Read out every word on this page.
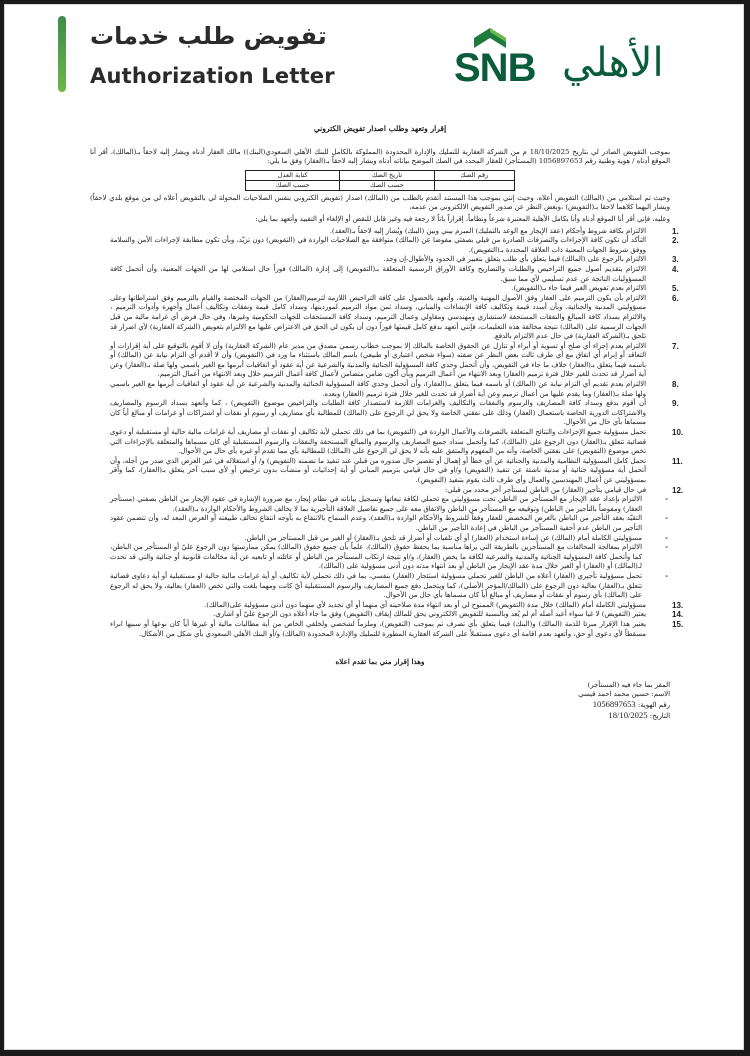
تفويض طلب خدمات
Authorization Letter	SNB الأهلي
إقرار وتعهد وطلب اصدار تفويض الكتروني

بموجب التفويض الصادر لي بتاريخ 18/10/2025 م من الشركة العقارية للتمليك والإدارة المحدودة (المملوكة بالكامل للبنك الأهلي السعودي(البنك)) مالك العقار أدناه ويشار إليه لاحقاً بـ(المالك)، أقر أنا الموقع أدناه / هوية وطنية رقم 1056897653 (المستأجر) للعقار المحدد في الصك الموضح بياناته أدناه ويشار إليه لاحقاً بـ(العقار) وفق ما يلي:

رقم الصك	تاريخ الصك	كتابة العدل
	حسب الصك	حسب الصك

وحيث تم استلامي من (المالك) التفويض أعلاه، وحيث إنني بموجب هذا المستند أتقدم بالطلب من (المالك) اصدار (تفويض الكتروني بنفس الصلاحيات المحولة لي بالتفويض أعلاه لي من موقع بلدي لاحقاً) ويشار اليهما كلاهما لاحقا بـ(التفويض) ،وبغض النظر عن صدور التفويض الالكتروني من عدمه،

وعليه، فإني أقر أنا الموقع أدناه وأنا بكامل الأهلية المعتبرة شرعاً ونظاماً، إقراراً باتاً لا رجعة فيه وغير قابل للنقض أو الإلغاء أو التقييد وأتعهد بما يلي:

1.
الالتزام بكافة شروط وأحكام (عقد الإيجار مع الوعد بالتمليك) المبرم بيني وبين (البنك) ويُشار إليه لاحقاً بـ(العقد).
2.
التأكد أن تكون كافة الإجراءات والتصرفات الصادرة من قبلي بصفتي مفوضا عن (المالك) متوافقة مع الصلاحيات الواردة في (التفويض) دون تزيّد، وبأن تكون مطابقة لإجراءات الأمن والسلامة ووفق شروط الجهات المعنية ذات العلاقة المحددة بـ(التفويض).
3.
الالتزام بالرجوع على (المالك) فيما يتعلق بأي طلب يتعلق بتغيير في الحدود والأطوال-إن وجد.
4.
الالتزام بتقديم أصول جميع التراخيص والطلبات والتصاريح وكافة الأوراق الرسمية المتعلقة بـ(التفويض) إلى إدارة (المالك) فوراً حال استلامي لها من الجهات المعنية، وأن أتحمل كافة المسؤوليات الناتجة عن عدم تسليمي لأي مما سبق.
5.
الالتزام بعدم تفويض الغير فيما جاء بـ(التفويض).
6.
الالتزام بأن يكون الترميم على العقار وفق الأصول المهنية والفنية، وأتعهد بالحصول على كافة التراخيص اللازمة لترميم(العقار) من الجهات المختصة والقيام بالترميم وفق اشتراطاتها وعلى مسؤوليتي المدنية والجنائية، وبأن أسدد قيمة وتكاليف كافة الإنشاءات والمباني، وسداد ثمن مواد الترميم لموردينها، وسداد كامل قيمة ونفقات وتكاليف أعمال وأجهزة وأدوات الترميم ، والالتزام بسداد كافة المبالغ والنفقات المستحقة لاستشاري ومهندسي ومقاولي وعمال الترميم، وسداد كافة المستحقات للجهات الحكومية وغيرها، وفي حال فرض أي غرامة مالية من قبل الجهات الرسمية على (المالك) نتيجة مخالفة هذه التعليمات، فإنني أتعهد بدفع كامل قيمتها فوراً دون أن يكون لي الحق في الاعتراض عليها مع الالتزام بتعويض (الشركة العقارية) لأي اضرار قد تلحق بـ(الشركة العقارية) في حال عدم الالتزام بالدفع.
7.
الالتزام بعدم إجراء أي صلح أو تسوية أو أبراء أو تنازل عن الحقوق الخاصة بالمالك إلا بموجب خطاب رسمي مصدق من مدير عام (الشركة العقارية) وأن لا أقوم بالتوقيع على أية إقرارات أو التعاقد أو إبرام أي اتفاق مع أي طرف ثالث بغض النظر عن صفته (سواء شخص اعتباري أو طبيعي) باسم المالك باستثناء ما ورد في (التفويض) وأن لا أقدم أي التزام نيابة عن (المالك) أو باسمه فيما يتعلق بـ(العقار) خلاف ما جاء في التفويض، وأن أتحمل وحدي كافة المسؤولية الجنائية والمدنية والشرعية عن أية عقود أو اتفاقيات أبرمها مع الغير باسمي ولها صلة بـ(العقار) وعن أية أضرار قد تحدث للغير خلال فترة ترميم (العقار) وبعد الانتهاء من أعمال الترميم وبأن أكون ضامن متضامن لأعمال كافة أعمال الترميم خلال وبعد الانتهاء من أعمال الترميم.
8.
الالتزام بعدم تقديم أي التزام نيابة عن (المالك) أو باسمه فيما يتعلق بـ(العقار)، وأن أتحمل وحدي كافة المسؤولية الجنائية والمدنية والشرعية عن أية عقود أو اتفاقيات أبرمها مع الغير باسمي ولها صلة بـ(العقار) وما يقدم عليها من أعمال ترميم وعن أية أضرار قد تحدث للغير خلال فترة ترميم (العقار) وبعده.
9.
أن أقوم بدفع وسداد كافة المصاريف والرسوم والنفقات والتكاليف والغرامات اللازمة لاستصدار كافة الطلبات والتراخيص موضوع (التفويض) ، كما وأتعهد بسداد الرسوم والمصاريف والاشتراكات الدورية الخاصة باستعمال (العقار) وذلك على نفقتي الخاصة ولا يحق لي الرجوع على (المالك) للمطالبة بأي مصاريف أو رسوم أو نفقات أو اشتراكات أو غرامات أو مبالغ أياً كان مسماها بأي حال من الأحوال.
10.
تحمل مسؤولية جميع الإجراءات والنتائج المتعلقة بالتصرفات والأعمال الواردة في (التفويض) بما في ذلك تحملي لأية تكاليف أو نفقات أو مصاريف أية غرامات مالية حالية أو مستقبلية أو دعوى قضائية تتعلق بـ(العقار) دون الرجوع على (المالك)، كما وأتحمل سداد جميع المصاريف والرسوم والمبالغ المستحقة والنفقات والرسوم المستقبلية أي كان مسماها والمتعلقة بالإجراءات التي تخص موضوع (التفويض) على نفقتي الخاصة، وأنه من المفهوم والمتفق عليه بأنه لا يحق لي الرجوع على (المالك) للمطالبة بأي مما تقدم أو غيره بأي حال من الأحوال.
11.
تحمل كامل المسؤولية النظامية والمدنية والجنائية عن أي خطأ أو إهمال أو تقصير حال صدوره من قبلي عند تنفيذ ما تضمنه (التفويض) و/ أو استغلاله في غير الغرض الذي صدر من أجله، وأن أتحمل أية مسؤولية جنائية أو مدنية ناشئة عن تنفيذ (التفويض) و/او في حال قيامي بترميم المباني أو أية إحداثيات أو منشآت بدون ترخيص أو لأي سبب آخر يتعلق بـ(العقار)، كما وأقر بمسؤوليتي عن أعمال المهندسين والعمال وأي طرف ثالث يقوم بتنفيذ (التفويض).
12.
في حال قيامي بتأجير (العقار) من الباطن لمستأجر آخر محدد من قبلي:
-
الالتزام بإعداد عقد الإيجار مع المستأجر من الباطن تحت مسؤوليتي مع تحملي لكافة تبعاتها وتسجيل بياناته في نظام إيجار، مع ضرورة الإشارة في عقود الإيجار من الباطن بصفتي (مستأجر العقار) ومفوضاً بالتأجير من الباطن) وتوقيعه مع المستأجر من الباطن والاتفاق معه على جميع تفاصيل العلاقة التأجيرية بما لا يخالف الشروط والأحكام الواردة بـ(العقد).
-
التقيّد بعقد التأجير من الباطن بالغرض المخصص للعقار وفقاً للشروط والأحكام الواردة بـ(العقد)، وعدم السماح بالانتفاع به بأوجه انتفاع تخالف طبيعته أو الغرض المعد له، وأن تتضمن عقود التأجير من الباطن عدم أحقية المستأجر من الباطن في إعادة التأجير من الباطن.
-
مسؤوليتي الكاملة أمام (المالك) عن إساءة استخدام (العقار) أو أي تلفيات أو أضرار قد تلحق بـ(العقار) أو الغير من قبل المستأجر من الباطن.
-
الالتزام بمعالجة المخالفات مع المستأجرين بالطريقة التي يراها مناسبة بما يحفظ حقوق (المالك)، علماً بأن جميع حقوق (المالك) يمكن ممارستها دون الرجوع عليّ أو المستأجر من الباطن، كما وأتحمل كافة المسؤولية الجنائية والمدنية والشرعية لكافة ما يخص (العقار)، و/او نتيجة ارتكاب المستأجر من الباطن أو عائلته أو تابعيه عن أية مخالفات قانونية أو جنائية والتي قد تحدث لـ(المالك) أو (العقار) أو الغير خلال مدة عقد الإيجار من الباطن أو بعد انتهاء مدته دون أدنى مسؤولية على (المالك).
-
تحمل مسؤولية تأجيري (العقار) أعلاه من الباطن للغير تحملي مسؤولية استئجار (العقار) بنفسي، بما في ذلك تحملي لأية تكاليف أو أية غرامات مالية حالية او مستقبلية أو أية دعاوى قضائية تتعلق بـ(العقار) بعالية دون الرجوع على (المالك/المؤجر الأصلي)، كما ويتحمل دفع جميع المصاريف والرسوم المستقبلية أيّ كانت ومهما بلغت والتي تخص (العقار) بعالية، ولا يحق له الرجوع على (المالك) بأي رسوم أو نفقات أو مصاريف أو مبالغ أياً كان مسماها بأي حال من الأحوال.
13.
مسؤوليتي الكاملة أمام (المالك) خلال مدة (التفويض) الممنوح لي أو بعد انتهاء مدة صلاحيته أي منهما أو أي تجديد لأي منهما دون أدنى مسؤولية على(المالك).
14.
يعتبر (التفويض) لا غيا سواء أعيد أصله أم لم يُعد وبالنسبة للتفويض الالكتروني يحق للمالك إيقاف (التفويض) وفق ما جاء أعلاه دون الرجوع عليّ أو اشاري.
15.
يعتبر هذا الإقرار مبرئا للذمة (المالك) و(البنك) فيما يتعلق بأي تصرف تم بموجب (التفويض)، وملزماً لشخصي ولخلفي الخاص من أية مطالبات مالية أو غيرها أياً كان نوعها أو سببها ابراء مسقطاً لأي دعوى أو حق، وأتعهد بعدم اقامة أي دعوى مستقبلاً على الشركة العقارية المطورة للتمليك والإدارة المحدودة (المالك) و/أو البنك الأهلي السعودي بأي شكل من الأشكال.
وهذا إقرار مني بما تقدم اعلاه
المقر بما جاء فيه (المستأجر)
الاسم: حسين محمد احمد قيسي
رقم الهوية: 1056897653
التاريخ: 18/10/2025
